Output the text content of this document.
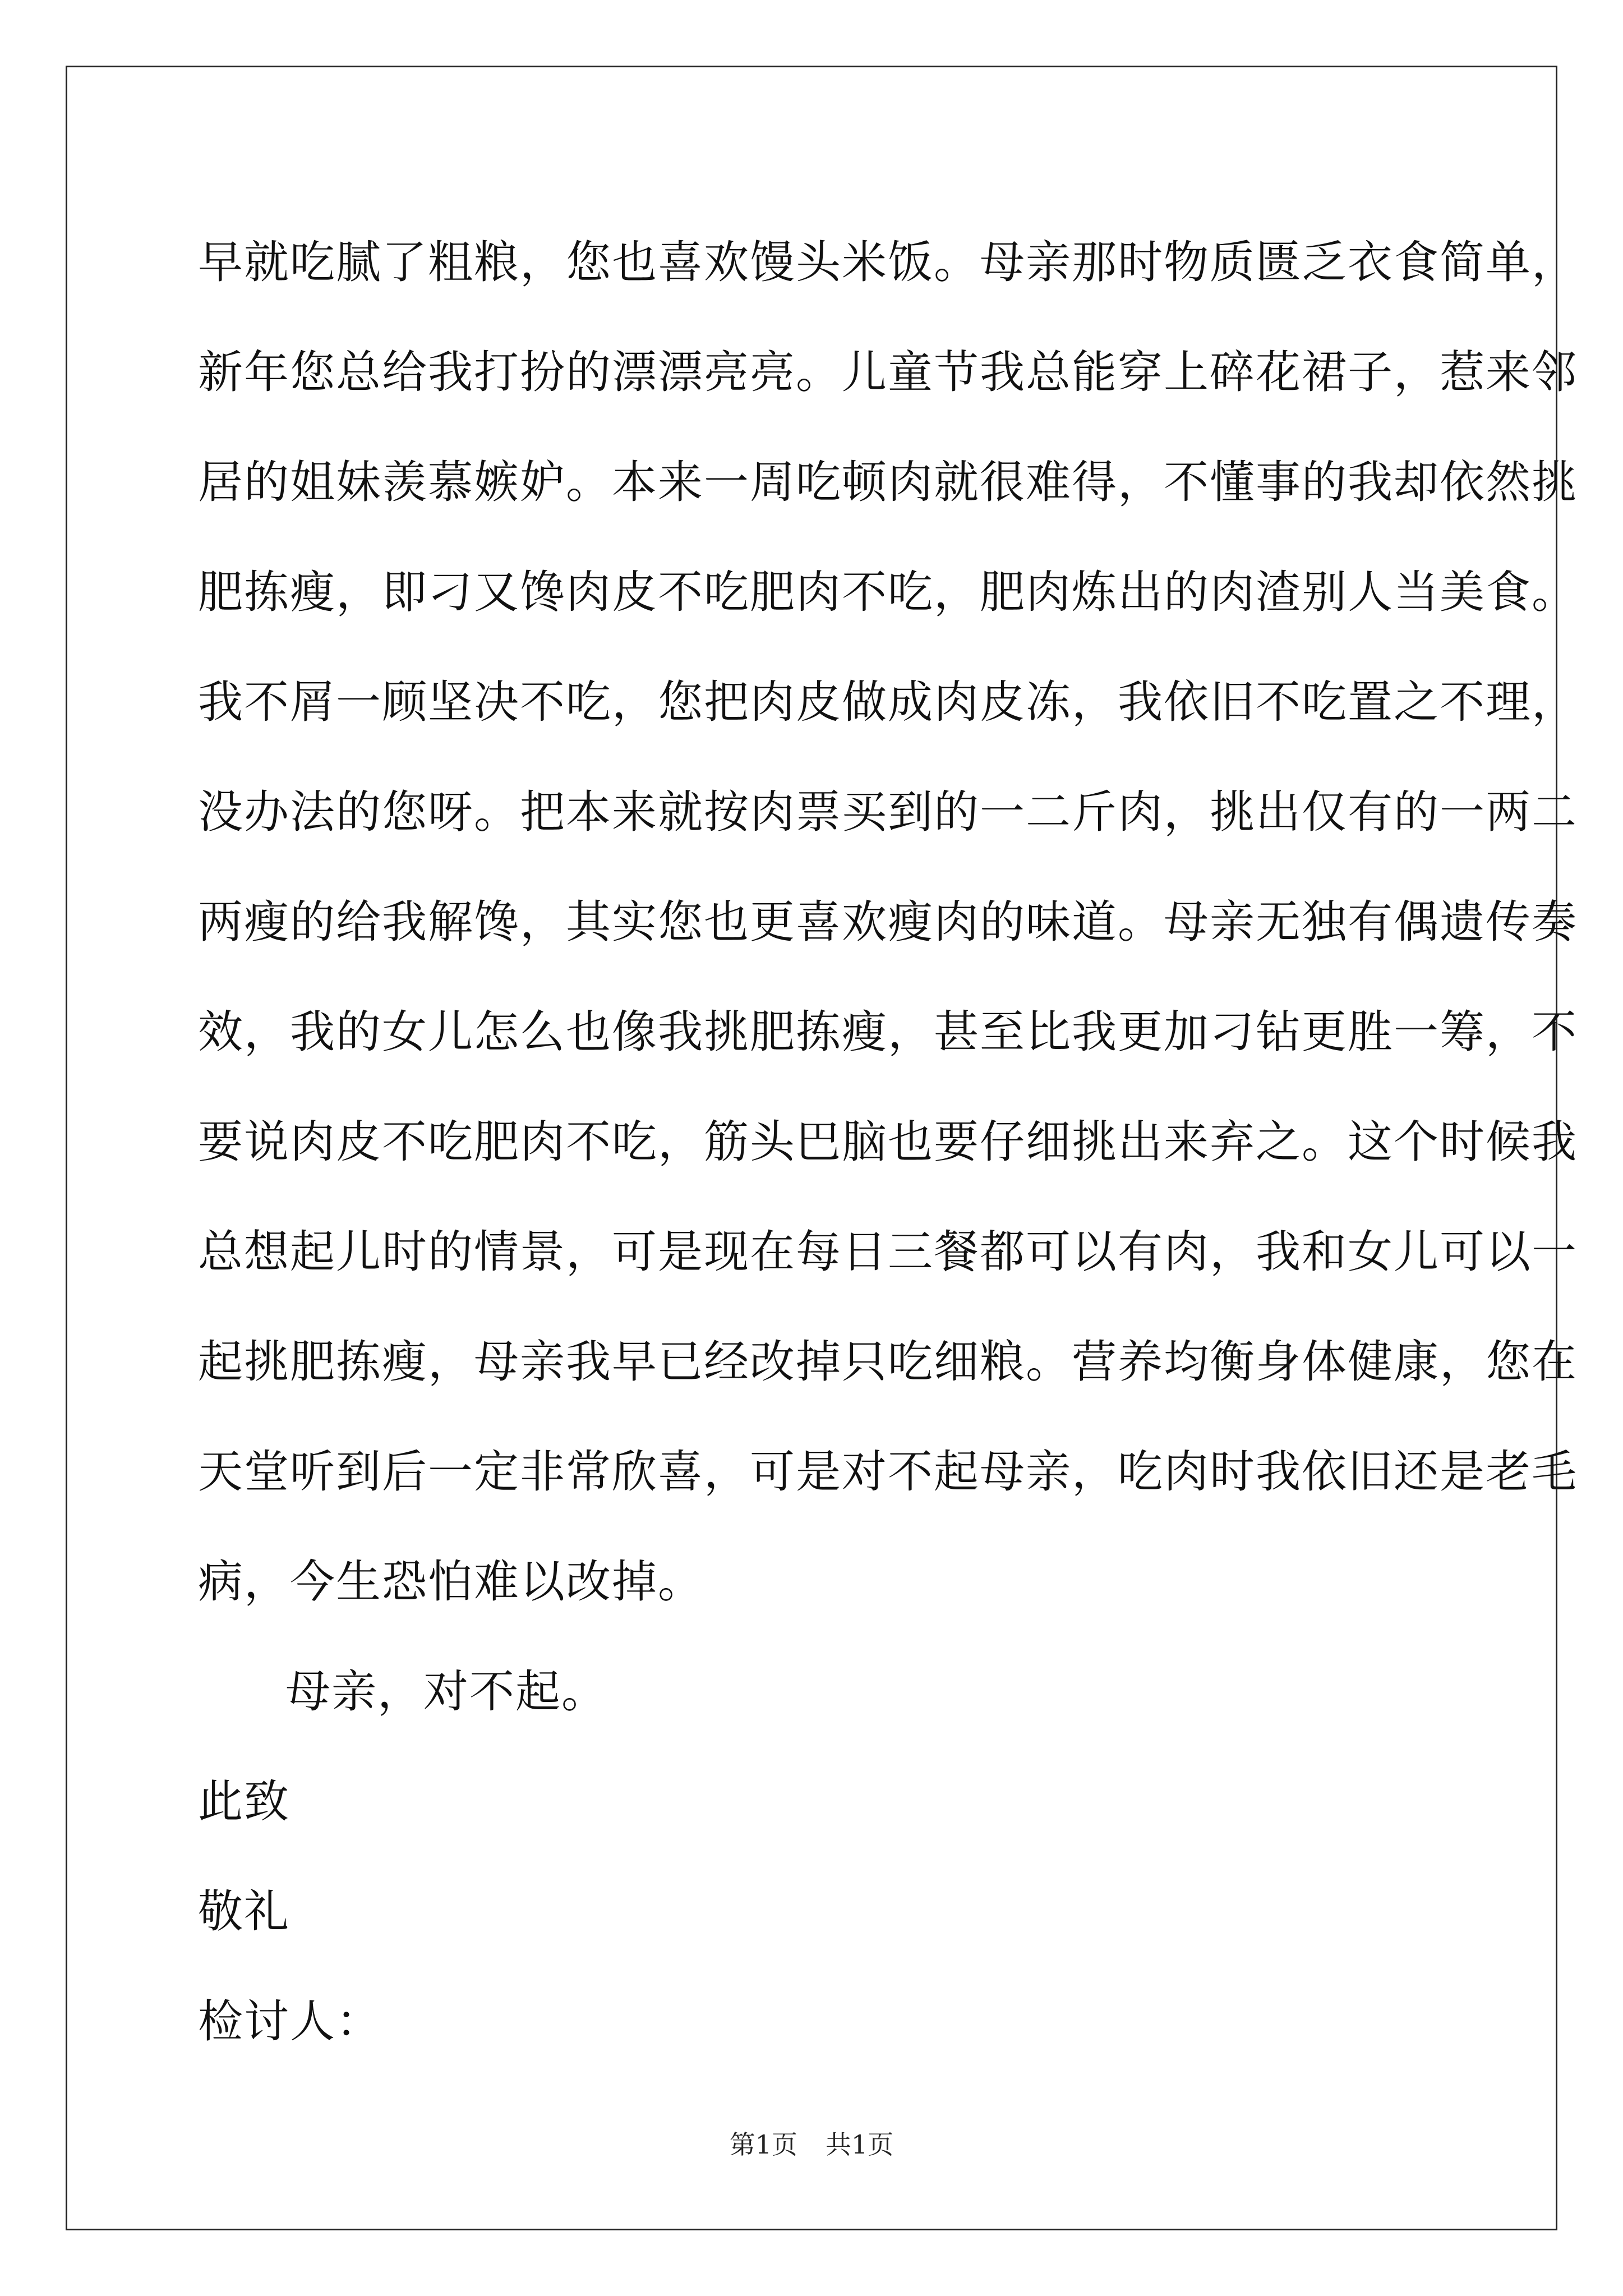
早就吃腻了粗粮，您也喜欢馒头米饭。母亲那时物质匮乏衣食简单，
新年您总给我打扮的漂漂亮亮。儿童节我总能穿上碎花裙子，惹来邻
居的姐妹羡慕嫉妒。本来一周吃顿肉就很难得，不懂事的我却依然挑
肥拣瘦，即刁又馋肉皮不吃肥肉不吃，肥肉炼出的肉渣别人当美食。
我不屑一顾坚决不吃，您把肉皮做成肉皮冻，我依旧不吃置之不理，
没办法的您呀。把本来就按肉票买到的一二斤肉，挑出仅有的一两二
两瘦的给我解馋，其实您也更喜欢瘦肉的味道。母亲无独有偶遗传奏
效，我的女儿怎么也像我挑肥拣瘦，甚至比我更加刁钻更胜一筹，不
要说肉皮不吃肥肉不吃，筋头巴脑也要仔细挑出来弃之。这个时候我
总想起儿时的情景，可是现在每日三餐都可以有肉，我和女儿可以一
起挑肥拣瘦，母亲我早已经改掉只吃细粮。营养均衡身体健康，您在
天堂听到后一定非常欣喜，可是对不起母亲，吃肉时我依旧还是老毛
病，今生恐怕难以改掉。
母亲，对不起。
此致
敬礼
检讨人：
第1页 共1页
